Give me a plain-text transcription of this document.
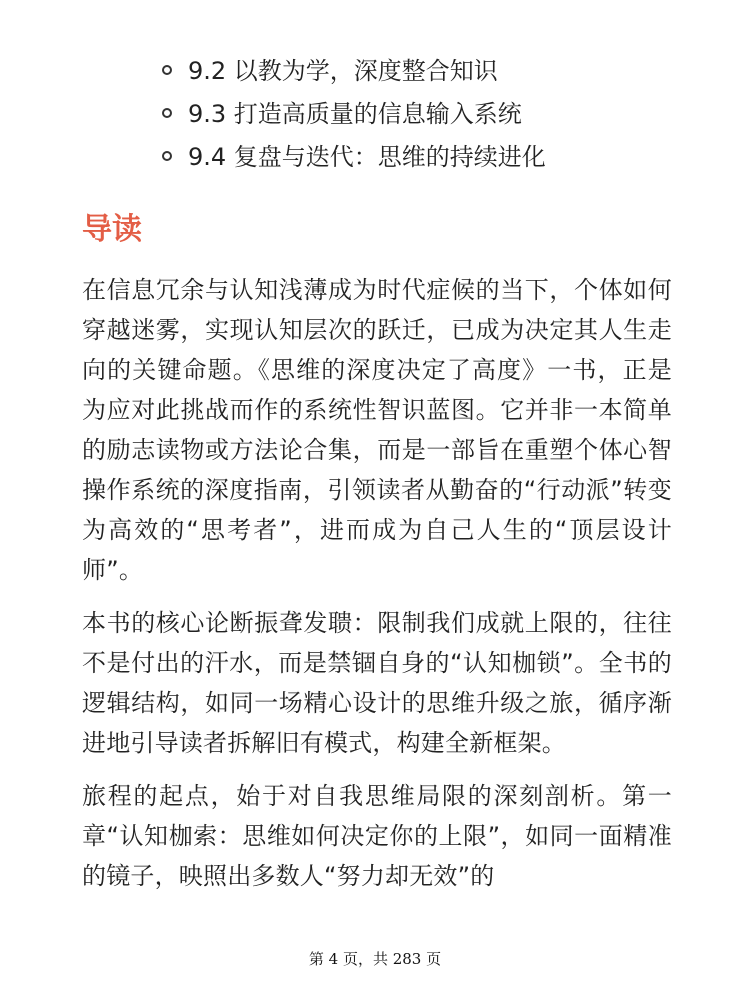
9.2 以教为学，深度整合知识
9.3 打造高质量的信息输入系统
9.4 复盘与迭代：思维的持续进化
导读

在信息冗余与认知浅薄成为时代症候的当下，个体如何穿越迷雾，实现认知层次的跃迁，已成为决定其人生走向的关键命题。《思维的深度决定了高度》一书，正是为应对此挑战而作的系统性智识蓝图。它并非一本简单的励志读物或方法论合集，而是一部旨在重塑个体心智操作系统的深度指南，引领读者从勤奋的“行动派”转变为高效的“思考者”，进而成为自己人生的“顶层设计师”。

本书的核心论断振聋发聩：限制我们成就上限的，往往不是付出的汗水，而是禁锢自身的“认知枷锁”。全书的逻辑结构，如同一场精心设计的思维升级之旅，循序渐进地引导读者拆解旧有模式，构建全新框架。

旅程的起点，始于对自我思维局限的深刻剖析。第一章“认知枷索：思维如何决定你的上限”，如同一面精准的镜子，映照出多数人“努力却无效”的

第 4 页，共 283 页
